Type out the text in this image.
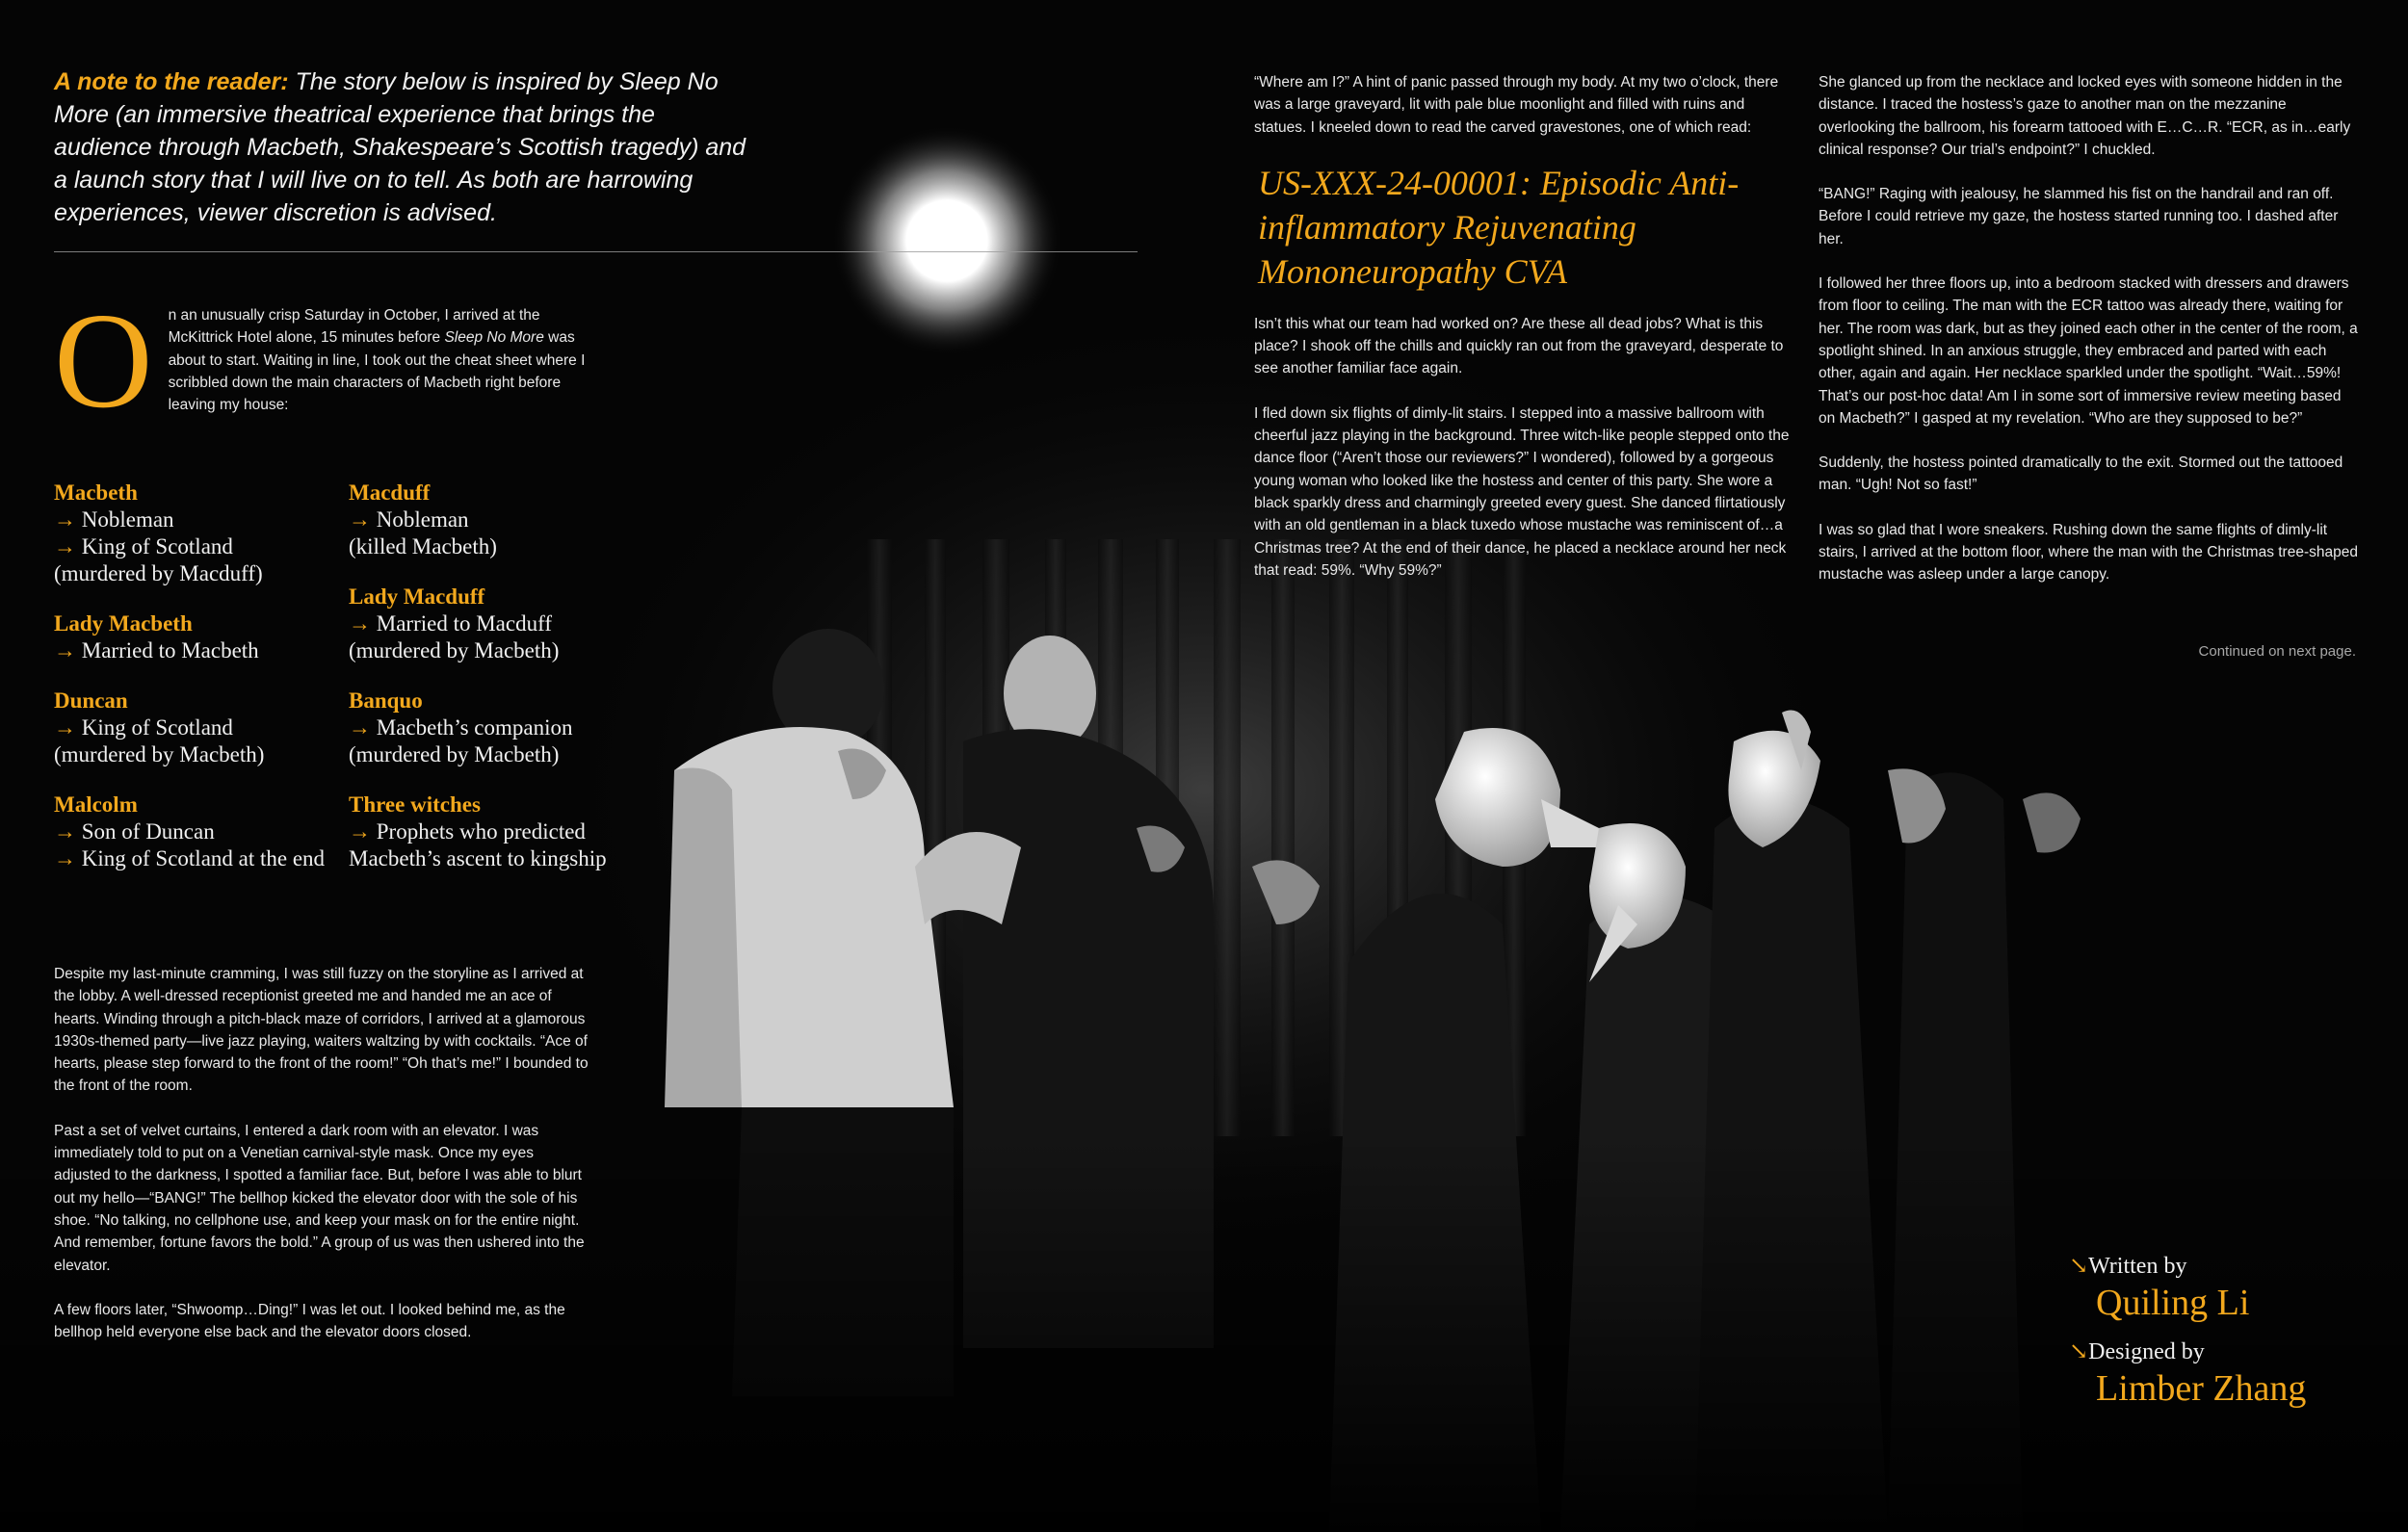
A note to the reader: The story below is inspired by Sleep No More (an immersive theatrical experience that brings the audience through Macbeth, Shakespeare’s Scottish tragedy) and a launch story that I will live on to tell. As both are harrowing experiences, viewer discretion is advised.
O n an unusually crisp Saturday in October, I arrived at the McKittrick Hotel alone, 15 minutes before Sleep No More was about to start. Waiting in line, I took out the cheat sheet where I scribbled down the main characters of Macbeth right before leaving my house:
Macbeth
→ Nobleman
→ King of Scotland
(murdered by Macduff)
Lady Macbeth
→ Married to Macbeth
Duncan
→ King of Scotland
(murdered by Macbeth)
Malcolm
→ Son of Duncan
→ King of Scotland at the end
Macduff
→ Nobleman
(killed Macbeth)
Lady Macduff
→ Married to Macduff
(murdered by Macbeth)
Banquo
→ Macbeth’s companion
(murdered by Macbeth)
Three witches
→ Prophets who predicted
Macbeth’s ascent to kingship

Despite my last-minute cramming, I was still fuzzy on the storyline as I arrived at the lobby. A well-dressed receptionist greeted me and handed me an ace of hearts. Winding through a pitch-black maze of corridors, I arrived at a glamorous 1930s-themed party—live jazz playing, waiters waltzing by with cocktails. “Ace of hearts, please step forward to the front of the room!” “Oh that’s me!” I bounded to the front of the room.

Past a set of velvet curtains, I entered a dark room with an elevator. I was immediately told to put on a Venetian carnival-style mask. Once my eyes adjusted to the darkness, I spotted a familiar face. But, before I was able to blurt out my hello—“BANG!” The bellhop kicked the elevator door with the sole of his shoe. “No talking, no cellphone use, and keep your mask on for the entire night. And remember, fortune favors the bold.” A group of us was then ushered into the elevator.

A few floors later, “Shwoomp…Ding!” I was let out. I looked behind me, as the bellhop held everyone else back and the elevator doors closed.

“Where am I?” A hint of panic passed through my body. At my two o’clock, there was a large graveyard, lit with pale blue moonlight and filled with ruins and statues. I kneeled down to read the carved gravestones, one of which read:

US-XXX-24-00001: Episodic Anti-inflammatory Rejuvenating Mononeuropathy CVA

Isn’t this what our team had worked on? Are these all dead jobs? What is this place? I shook off the chills and quickly ran out from the graveyard, desperate to see another familiar face again.

I fled down six flights of dimly-lit stairs. I stepped into a massive ballroom with cheerful jazz playing in the background. Three witch-like people stepped onto the dance floor (“Aren’t those our reviewers?” I wondered), followed by a gorgeous young woman who looked like the hostess and center of this party. She wore a black sparkly dress and charmingly greeted every guest. She danced flirtatiously with an old gentleman in a black tuxedo whose mustache was reminiscent of…a Christmas tree? At the end of their dance, he placed a necklace around her neck that read: 59%. “Why 59%?”

She glanced up from the necklace and locked eyes with someone hidden in the distance. I traced the hostess’s gaze to another man on the mezzanine overlooking the ballroom, his forearm tattooed with E…C…R. “ECR, as in…early clinical response? Our trial’s endpoint?” I chuckled.

“BANG!” Raging with jealousy, he slammed his fist on the handrail and ran off. Before I could retrieve my gaze, the hostess started running too. I dashed after her.

I followed her three floors up, into a bedroom stacked with dressers and drawers from floor to ceiling. The man with the ECR tattoo was already there, waiting for her. The room was dark, but as they joined each other in the center of the room, a spotlight shined. In an anxious struggle, they embraced and parted with each other, again and again. Her necklace sparkled under the spotlight. “Wait…59%! That’s our post-hoc data! Am I in some sort of immersive review meeting based on Macbeth?” I gasped at my revelation. “Who are they supposed to be?”

Suddenly, the hostess pointed dramatically to the exit. Stormed out the tattooed man. “Ugh! Not so fast!”

I was so glad that I wore sneakers. Rushing down the same flights of dimly-lit stairs, I arrived at the bottom floor, where the man with the Christmas tree-shaped mustache was asleep under a large canopy.

Continued on next page.
↘Written by
Quiling Li
↘Designed by
Limber Zhang
